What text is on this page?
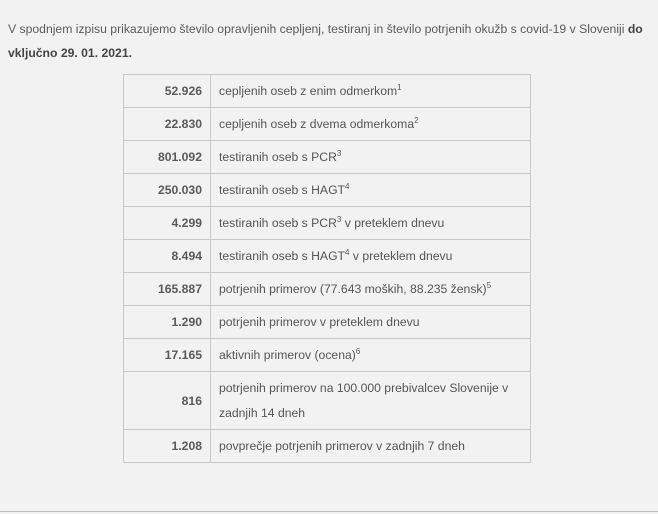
V spodnjem izpisu prikazujemo število opravljenih cepljenj, testiranj in število potrjenih okužb s covid-19 v Sloveniji do vključno 29. 01. 2021.

52.926	cepljenih oseb z enim odmerkom$^1$
22.830	cepljenih oseb z dvema odmerkoma$^2$
801.092	testiranih oseb s PCR$^3$
250.030	testiranih oseb s HAGT$^4$
4.299	testiranih oseb s PCR$^3$ v preteklem dnevu
8.494	testiranih oseb s HAGT$^4$ v preteklem dnevu
165.887	potrjenih primerov (77.643 moških, 88.235 žensk)$^5$
1.290	potrjenih primerov v preteklem dnevu
17.165	aktivnih primerov (ocena)$^6$
816	potrjenih primerov na 100.000 prebivalcev Slovenije v zadnjih 14 dneh
1.208	povprečje potrjenih primerov v zadnjih 7 dneh
